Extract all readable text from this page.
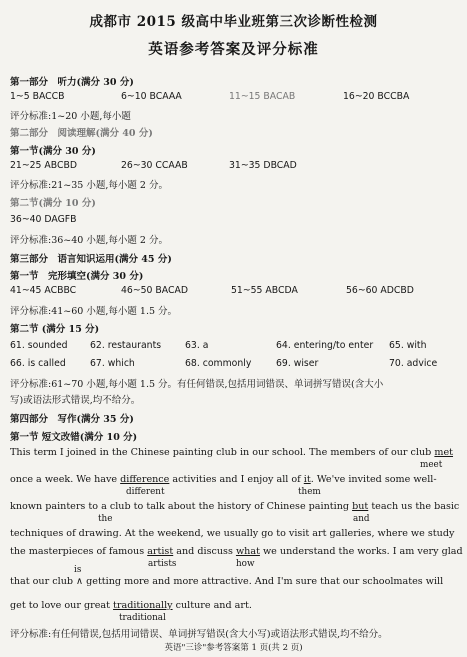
成都市 2015 级高中毕业班第三次诊断性检测
英语参考答案及评分标准
第一部分　听力(满分 30 分)
1~5 BACCB	6~10 BCAAA	11~15 BACAB	16~20 BCCBA
评分标准:1~20 小题,每小题
第二部分　阅读理解(满分 40 分)
第一节(满分 30 分)
21~25 ABCBD	26~30 CCAAB	31~35 DBCAD
评分标准:21~35 小题,每小题 2 分。
第二节(满分 10 分)
36~40 DAGFB
评分标准:36~40 小题,每小题 2 分。
第三部分　语言知识运用(满分 45 分)
第一节　完形填空(满分 30 分)
41~45 ACBBC	46~50 BACAD	51~55 ABCDA	56~60 ADCBD
评分标准:41~60 小题,每小题 1.5 分。
第二节 (满分 15 分)
61. sounded 62. restaurants	63. a	64. entering/to enter 65. with
66. is called	67. which	68. commonly	69. wiser	70. advice
评分标准:61~70 小题,每小题 1.5 分。有任何错误,包括用词错误、单词拼写错误(含大小
写)或语法形式错误,均不给分。
第四部分　写作(满分 35 分)
第一节 短文改错(满分 10 分)
This term I joined in the Chinese painting club in our school. The members of our club met
meet
once a week. We have difference activities and I enjoy all of it. We've invited some well-
different	them
known painters to a club to talk about the history of Chinese painting but teach us the basic
the	and
techniques of drawing. At the weekend, we usually go to visit art galleries, where we study
the masterpieces of famous artist and discuss what we understand the works. I am very glad
artists	how
is
that our club ∧ getting more and more attractive. And I'm sure that our schoolmates will
get to love our great traditionally culture and art.
traditional
评分标准:有任何错误,包括用词错误、单词拼写错误(含大小写)或语法形式错误,均不给分。
英语"三诊"参考答案第 1 页(共 2 页)
